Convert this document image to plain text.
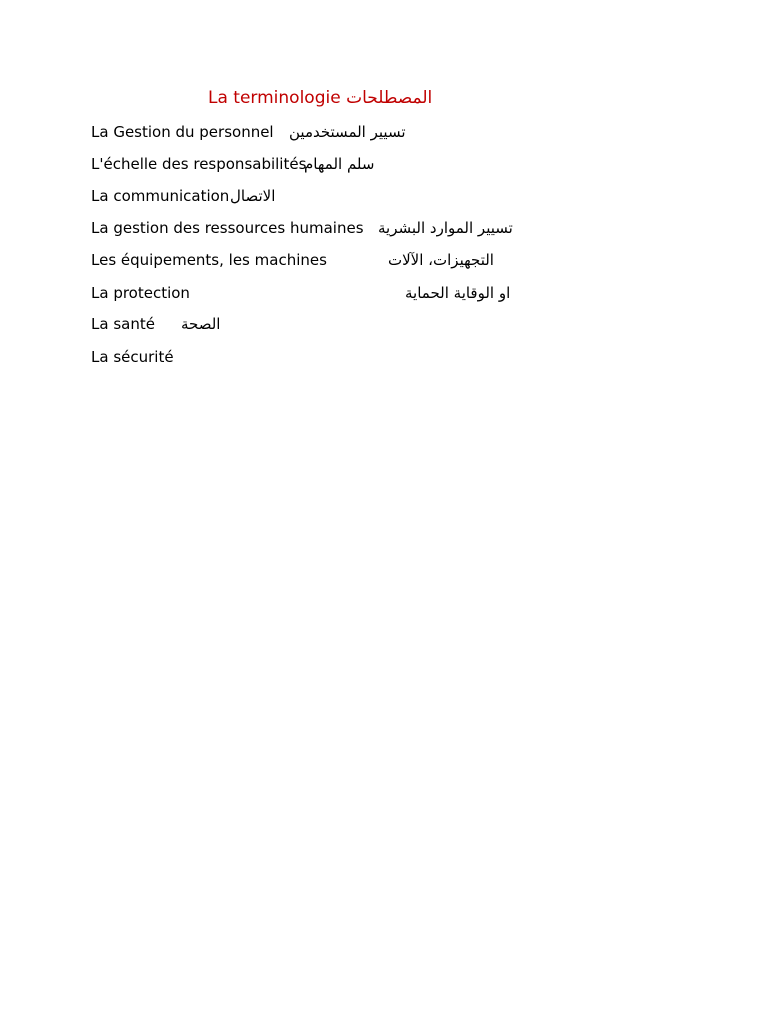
La terminologie المصطلحات
La Gestion du personnel تسيير المستخدمين
L'échelle des responsabilités
سلم المهام
La communication الاتصال
La gestion des ressources humaines تسيير الموارد البشرية
Les équipements, les machines	التجهيزات، الآلات
La protection	او الوقاية الحماية
La santé الصحة
La sécurité
